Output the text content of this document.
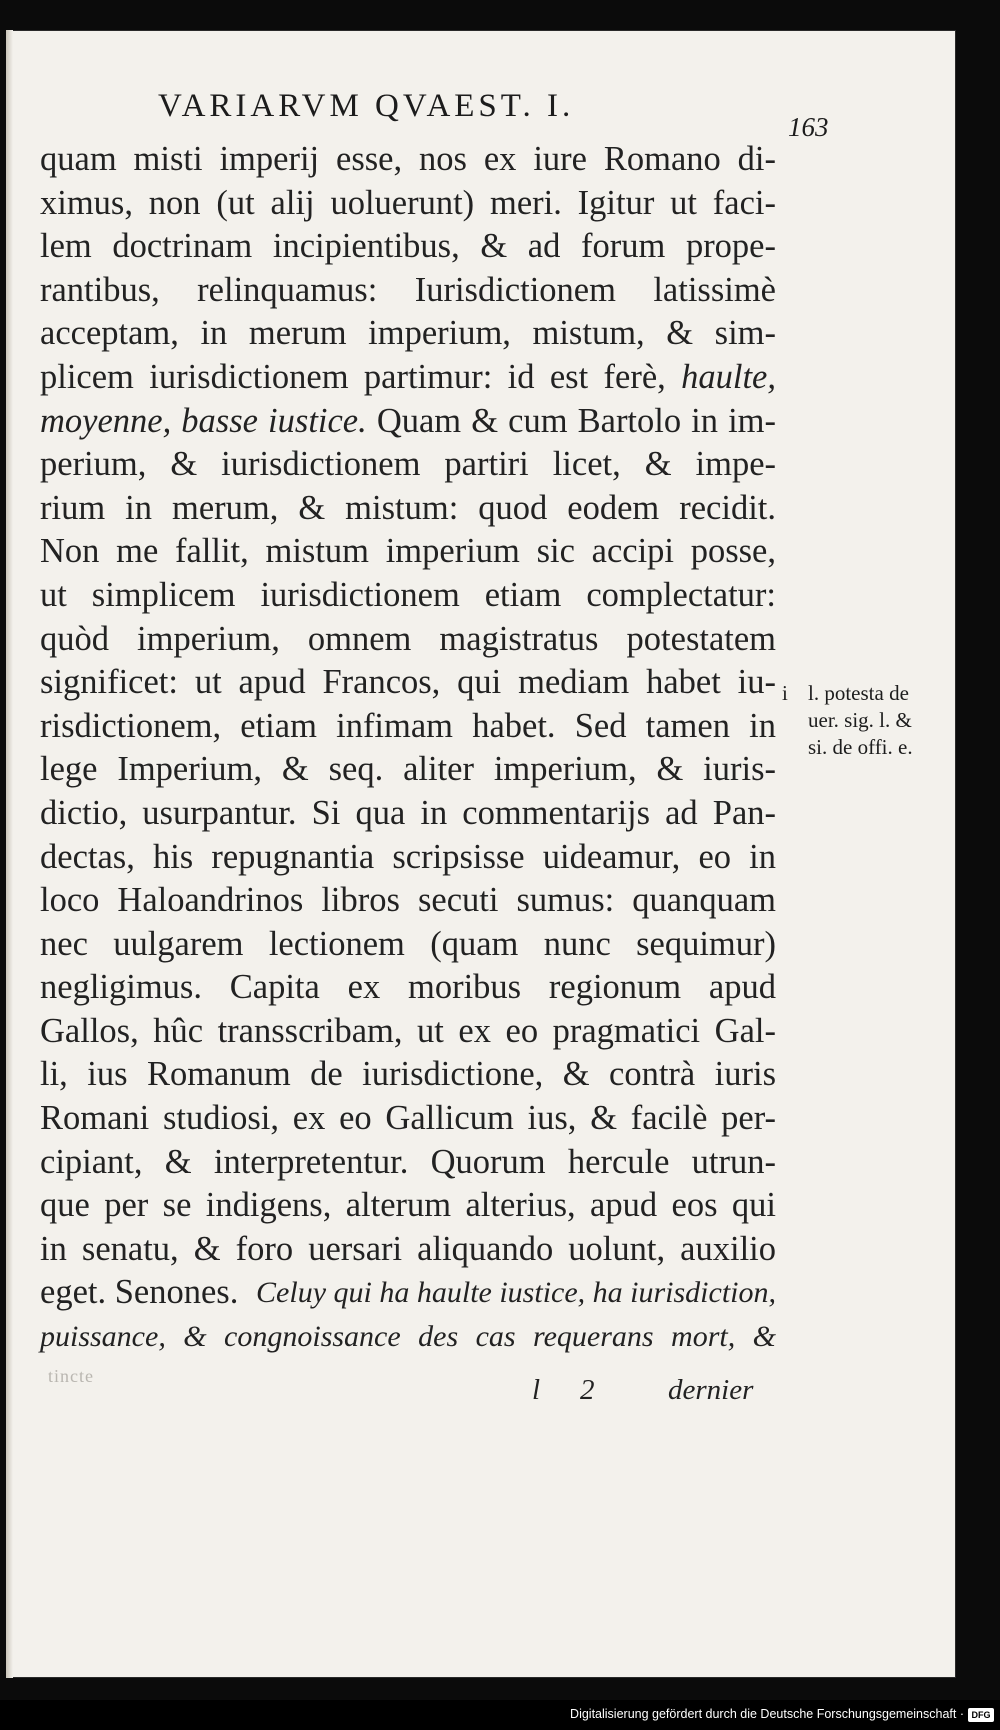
VARIARVM QVAEST. I.
163
quam misti imperij esse, nos ex iure Romano di-
ximus, non (ut alij uoluerunt) meri. Igitur ut faci-
lem doctrinam incipientibus, & ad forum prope-
rantibus, relinquamus: Iurisdictionem latissimè
acceptam, in merum imperium, mistum, & sim-
plicem iurisdictionem partimur: id est ferè, haulte,
moyenne, basse iustice. Quam & cum Bartolo in im-
perium, & iurisdictionem partiri licet, & impe-
rium in merum, & mistum: quod eodem recidit.
Non me fallit, mistum imperium sic accipi posse,
ut simplicem iurisdictionem etiam complectatur:
quòd imperium, omnem magistratus potestatem
significet: ut apud Francos, qui mediam habet iu-
risdictionem, etiam infimam habet. Sed tamen in
lege Imperium, & seq. aliter imperium, & iuris-
dictio, usurpantur. Si qua in commentarijs ad Pan-
dectas, his repugnantia scripsisse uideamur, eo in
loco Haloandrinos libros secuti sumus: quanquam
nec uulgarem lectionem (quam nunc sequimur)
negligimus. Capita ex moribus regionum apud
Gallos, hûc transscribam, ut ex eo pragmatici Gal-
li, ius Romanum de iurisdictione, & contrà iuris
Romani studiosi, ex eo Gallicum ius, & facilè per-
cipiant, & interpretentur. Quorum hercule utrun-
que per se indigens, alterum alterius, apud eos qui
in senatu, & foro uersari aliquando uolunt, auxilio
eget. Senones. Celuy qui ha haulte iustice, ha iurisdiction,
puissance, & congnoissance des cas requerans mort, &
i l. potesta de
uer. sig. l. &
si. de offi. e.
tincte	l 2	dernier
Digitalisierung gefördert durch die Deutsche Forschungsgemeinschaft · DFG
